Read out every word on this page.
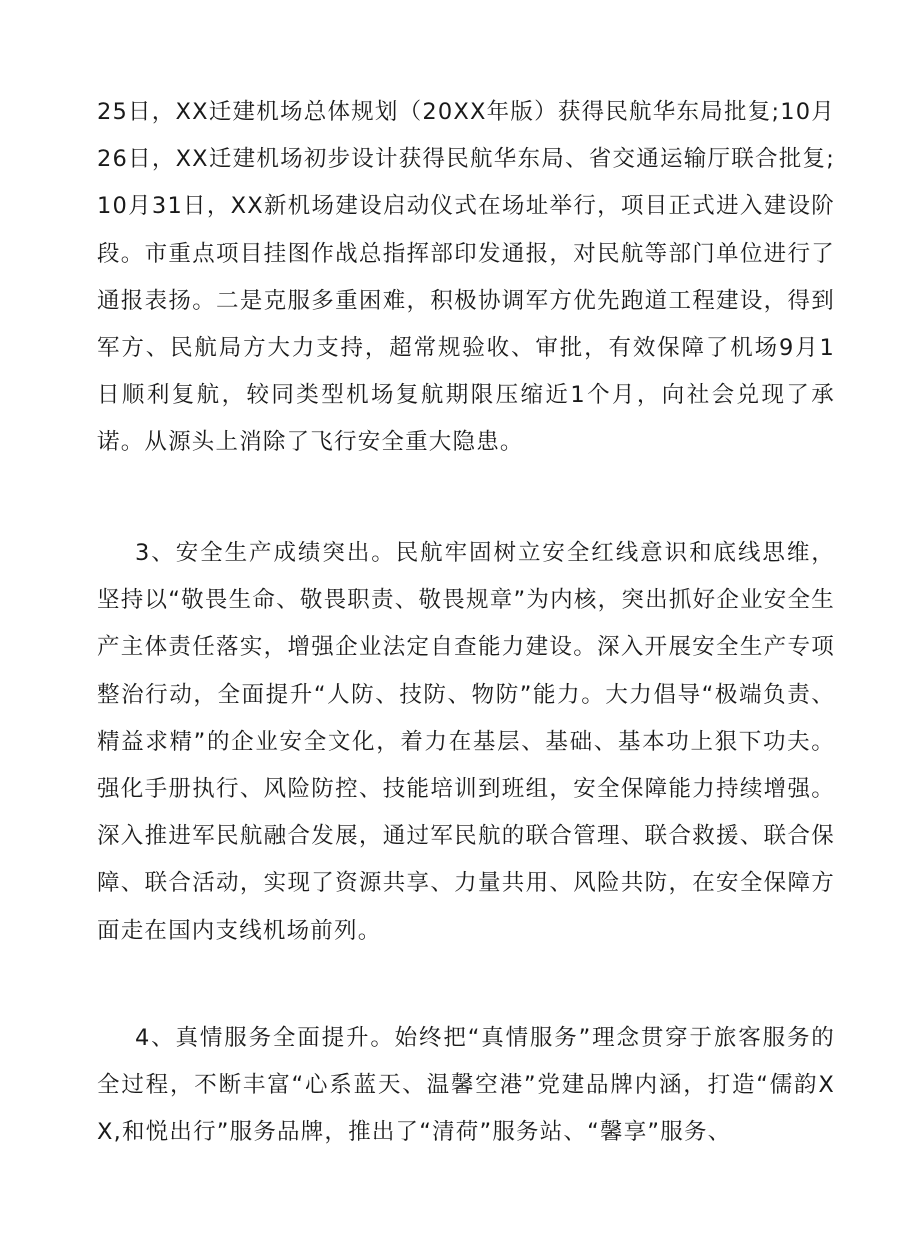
25日，XX迁建机场总体规划（20XX年版）获得民航华东局批复;10月26日，XX迁建机场初步设计获得民航华东局、省交通运输厅联合批复;10月31日，XX新机场建设启动仪式在场址举行，项目正式进入建设阶段。市重点项目挂图作战总指挥部印发通报，对民航等部门单位进行了通报表扬。二是克服多重困难，积极协调军方优先跑道工程建设，得到军方、民航局方大力支持，超常规验收、审批，有效保障了机场9月1日顺利复航，较同类型机场复航期限压缩近1个月，向社会兑现了承诺。从源头上消除了飞行安全重大隐患。

3、安全生产成绩突出。民航牢固树立安全红线意识和底线思维，坚持以“敬畏生命、敬畏职责、敬畏规章”为内核，突出抓好企业安全生产主体责任落实，增强企业法定自查能力建设。深入开展安全生产专项整治行动，全面提升“人防、技防、物防”能力。大力倡导“极端负责、精益求精”的企业安全文化，着力在基层、基础、基本功上狠下功夫。强化手册执行、风险防控、技能培训到班组，安全保障能力持续增强。深入推进军民航融合发展，通过军民航的联合管理、联合救援、联合保障、联合活动，实现了资源共享、力量共用、风险共防，在安全保障方面走在国内支线机场前列。

4、真情服务全面提升。始终把“真情服务”理念贯穿于旅客服务的全过程，不断丰富“心系蓝天、温馨空港”党建品牌内涵，打造“儒韵XX,和悦出行”服务品牌，推出了“清荷”服务站、“馨享”服务、
